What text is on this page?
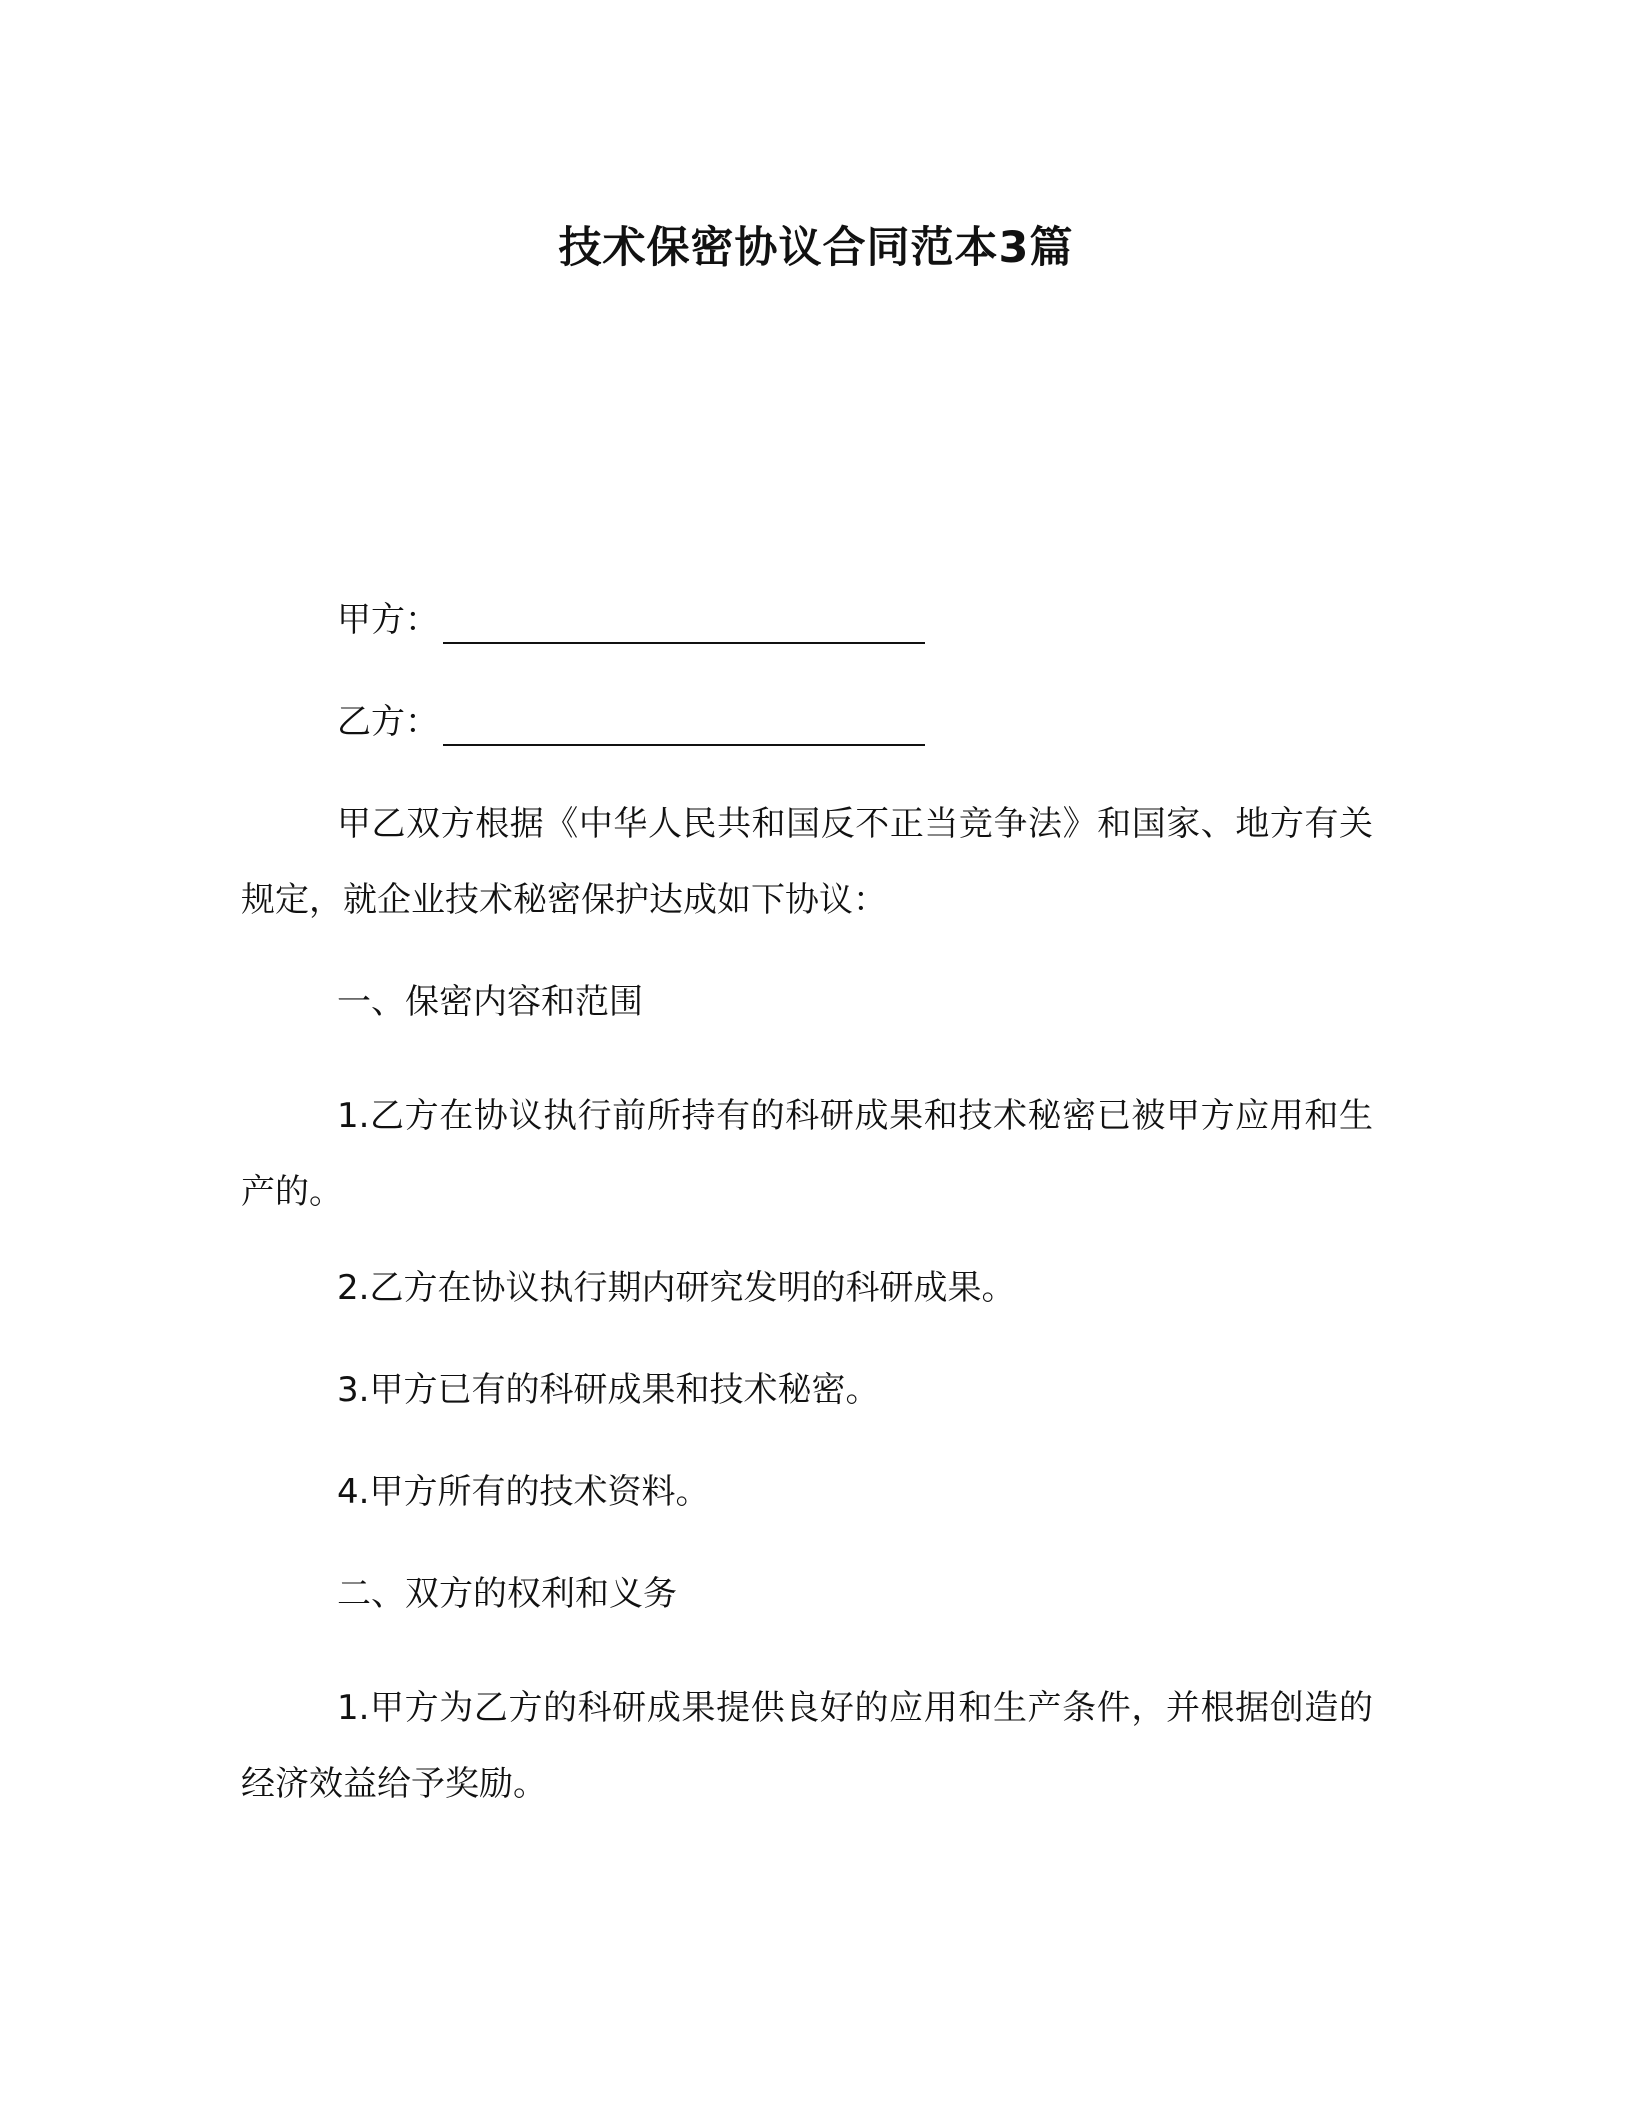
技术保密协议合同范本3篇

甲方：

乙方：

甲乙双方根据《中华人民共和国反不正当竞争法》和国家、地方有关规定，就企业技术秘密保护达成如下协议：

一、保密内容和范围

1.乙方在协议执行前所持有的科研成果和技术秘密已被甲方应用和生产的。

2.乙方在协议执行期内研究发明的科研成果。

3.甲方已有的科研成果和技术秘密。

4.甲方所有的技术资料。

二、双方的权利和义务

1.甲方为乙方的科研成果提供良好的应用和生产条件，并根据创造的经济效益给予奖励。
